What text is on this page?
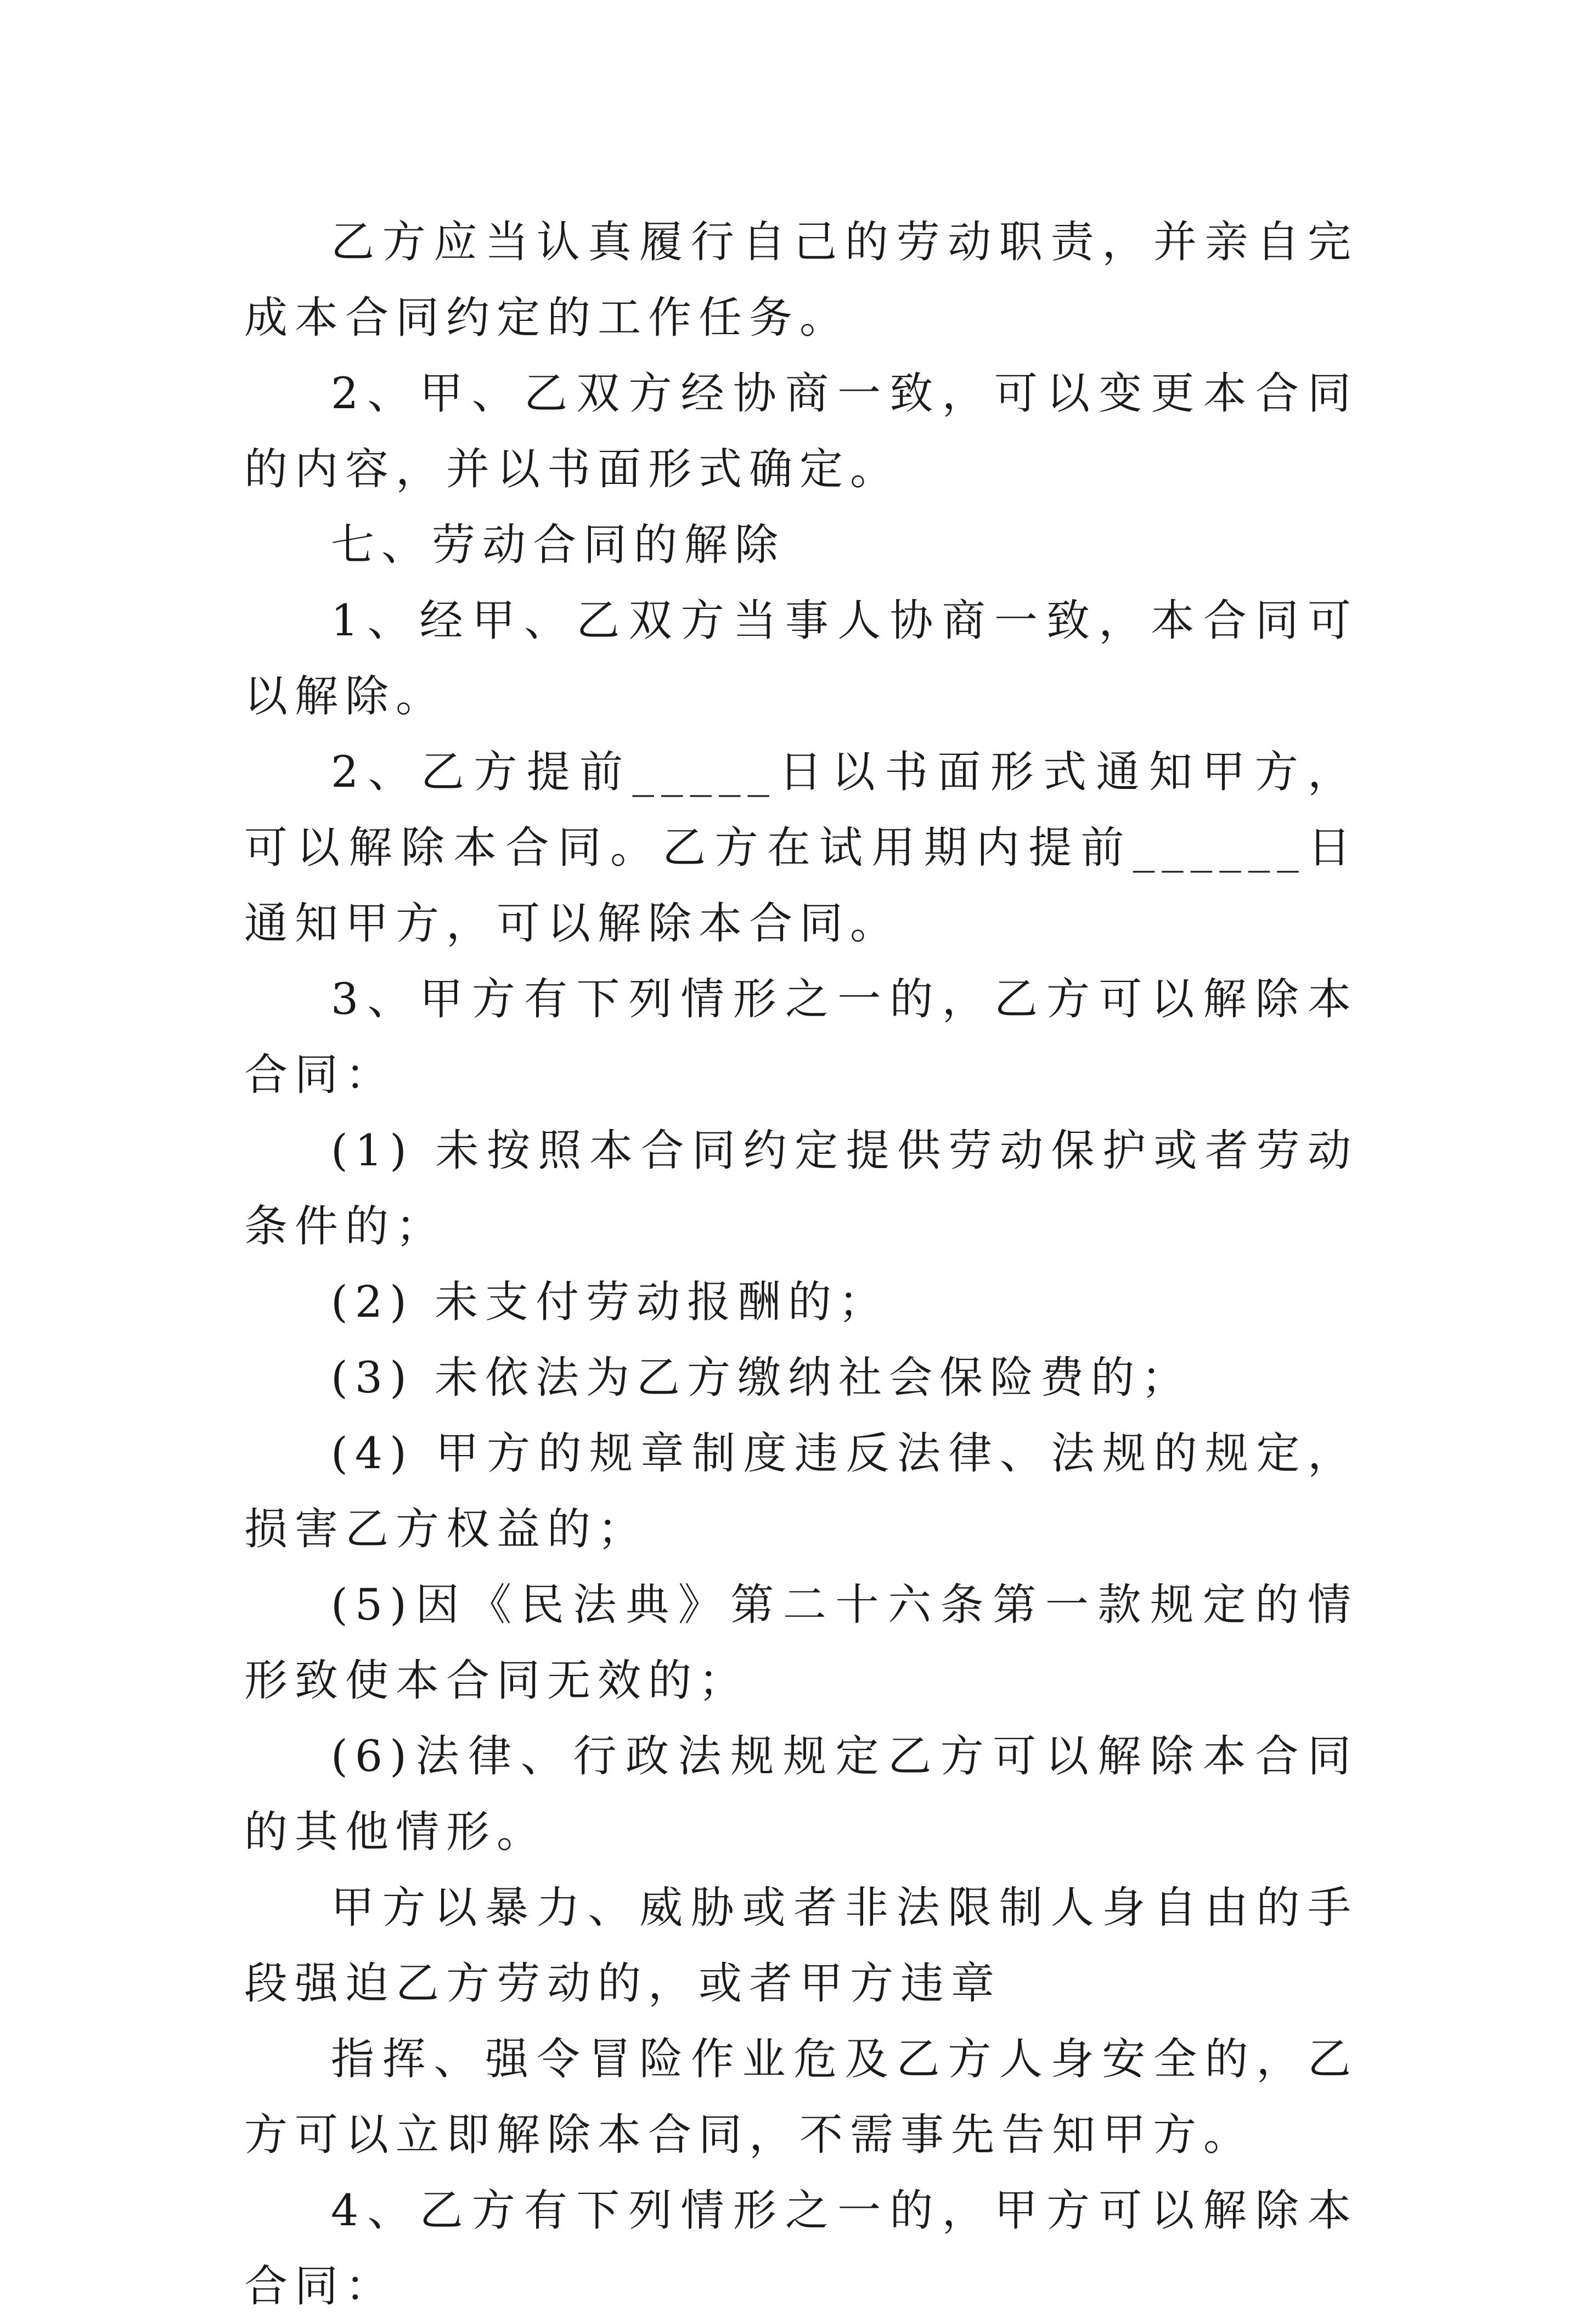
乙方应当认真履行自己的劳动职责，并亲自完成本合同约定的工作任务。

2、甲、乙双方经协商一致，可以变更本合同的内容，并以书面形式确定。

七、劳动合同的解除

1、经甲、乙双方当事人协商一致，本合同可以解除。

2、乙方提前_____日以书面形式通知甲方，可以解除本合同。乙方在试用期内提前______日通知甲方，可以解除本合同。

3、甲方有下列情形之一的，乙方可以解除本合同：

(1) 未按照本合同约定提供劳动保护或者劳动条件的；

(2) 未支付劳动报酬的；

(3) 未依法为乙方缴纳社会保险费的；

(4) 甲方的规章制度违反法律、法规的规定，损害乙方权益的；

(5)因《民法典》第二十六条第一款规定的情形致使本合同无效的；

(6)法律、行政法规规定乙方可以解除本合同的其他情形。

甲方以暴力、威胁或者非法限制人身自由的手段强迫乙方劳动的，或者甲方违章

指挥、强令冒险作业危及乙方人身安全的，乙方可以立即解除本合同，不需事先告知甲方。

4、乙方有下列情形之一的，甲方可以解除本合同：
